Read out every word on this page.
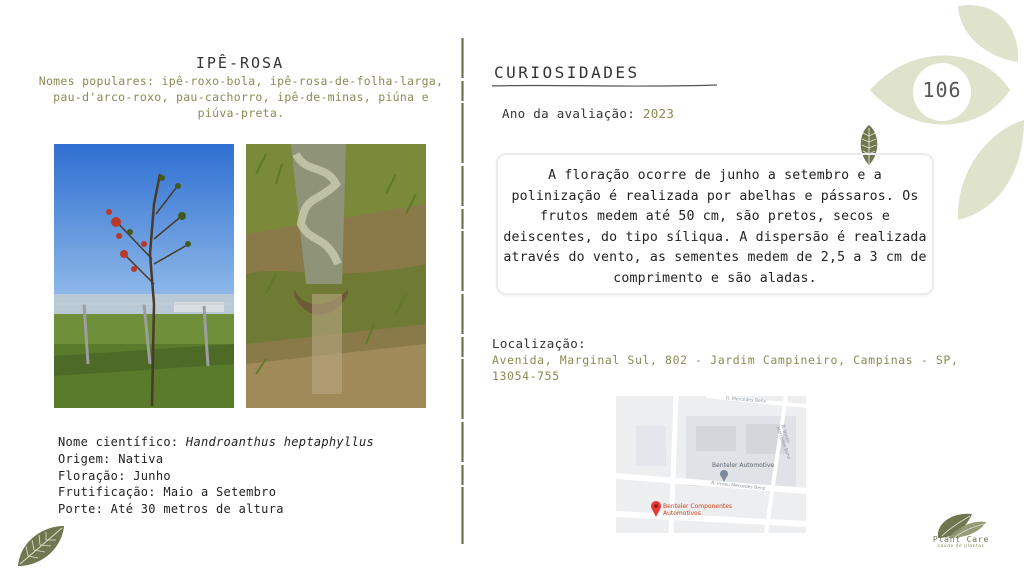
106
IPÊ-ROSA
Nomes populares: ipê-roxo-bola, ipê-rosa-de-folha-larga, pau-d'arco-roxo, pau-cachorro, ipê-de-minas, piúna e piúva-preta.
Nome científico: Handroanthus heptaphyllus
Origem: Nativa
Floração: Junho
Frutificação: Maio a Setembro
Porte: Até 30 metros de altura
CURIOSIDADES
Ano da avaliação: 2023
A floração ocorre de junho a setembro e a polinização é realizada por abelhas e pássaros. Os frutos medem até 50 cm, são pretos, secos e deiscentes, do tipo síliqua. A dispersão é realizada através do vento, as sementes medem de 2,5 a 3 cm de comprimento e são aladas.
Localização:
Avenida, Marginal Sul, 802 - Jardim Campineiro, Campinas - SP, 13054-755
Benteler Automotive
Benteler Componentes
Automotivos
R. Irineu Mercedes Benz
R. Irineu Mercedes Benz
R. Mercedes Benz
Plant Care
saúde de plantas
